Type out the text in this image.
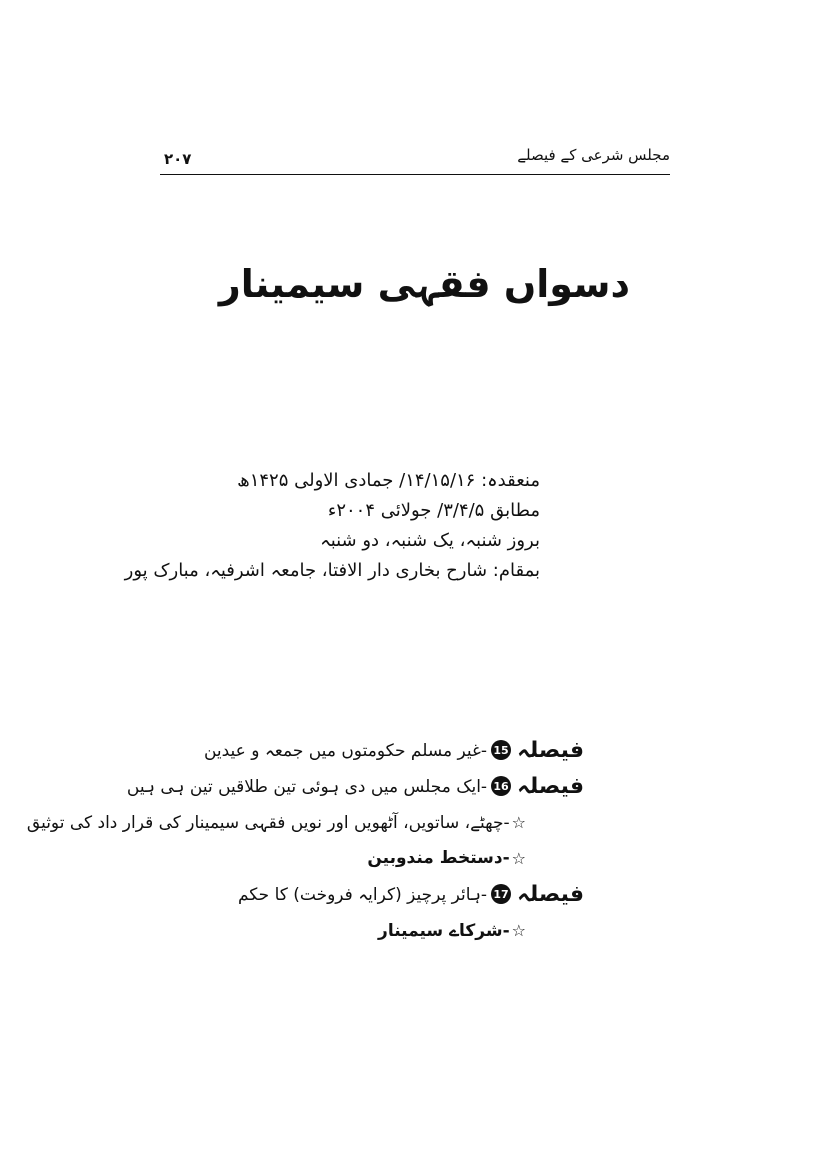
مجلس شرعی کے فیصلے
۲۰۷
دسواں فقہی سیمینار
منعقدہ: ۱۴/۱۵/۱۶/ جمادی الاولی ۱۴۲۵ھ
مطابق ۳/۴/۵/ جولائی ۲۰۰۴ء
بروز شنبہ، یک شنبہ، دو شنبہ
بمقام: شارح بخاری دار الافتا، جامعہ اشرفیہ، مبارک پور
فیصلہ
15
-غیر مسلم حکومتوں میں جمعہ و عیدین
فیصلہ
16
-ایک مجلس میں دی ہوئی تین طلاقیں تین ہی ہیں
☆
-چھٹے، ساتویں، آٹھویں اور نویں فقہی سیمینار کی قرار داد کی توثیق
☆
-دستخط مندوبین
فیصلہ
17
-ہائر پرچیز (کرایہ فروخت) کا حکم
☆
-شرکاے سیمینار
